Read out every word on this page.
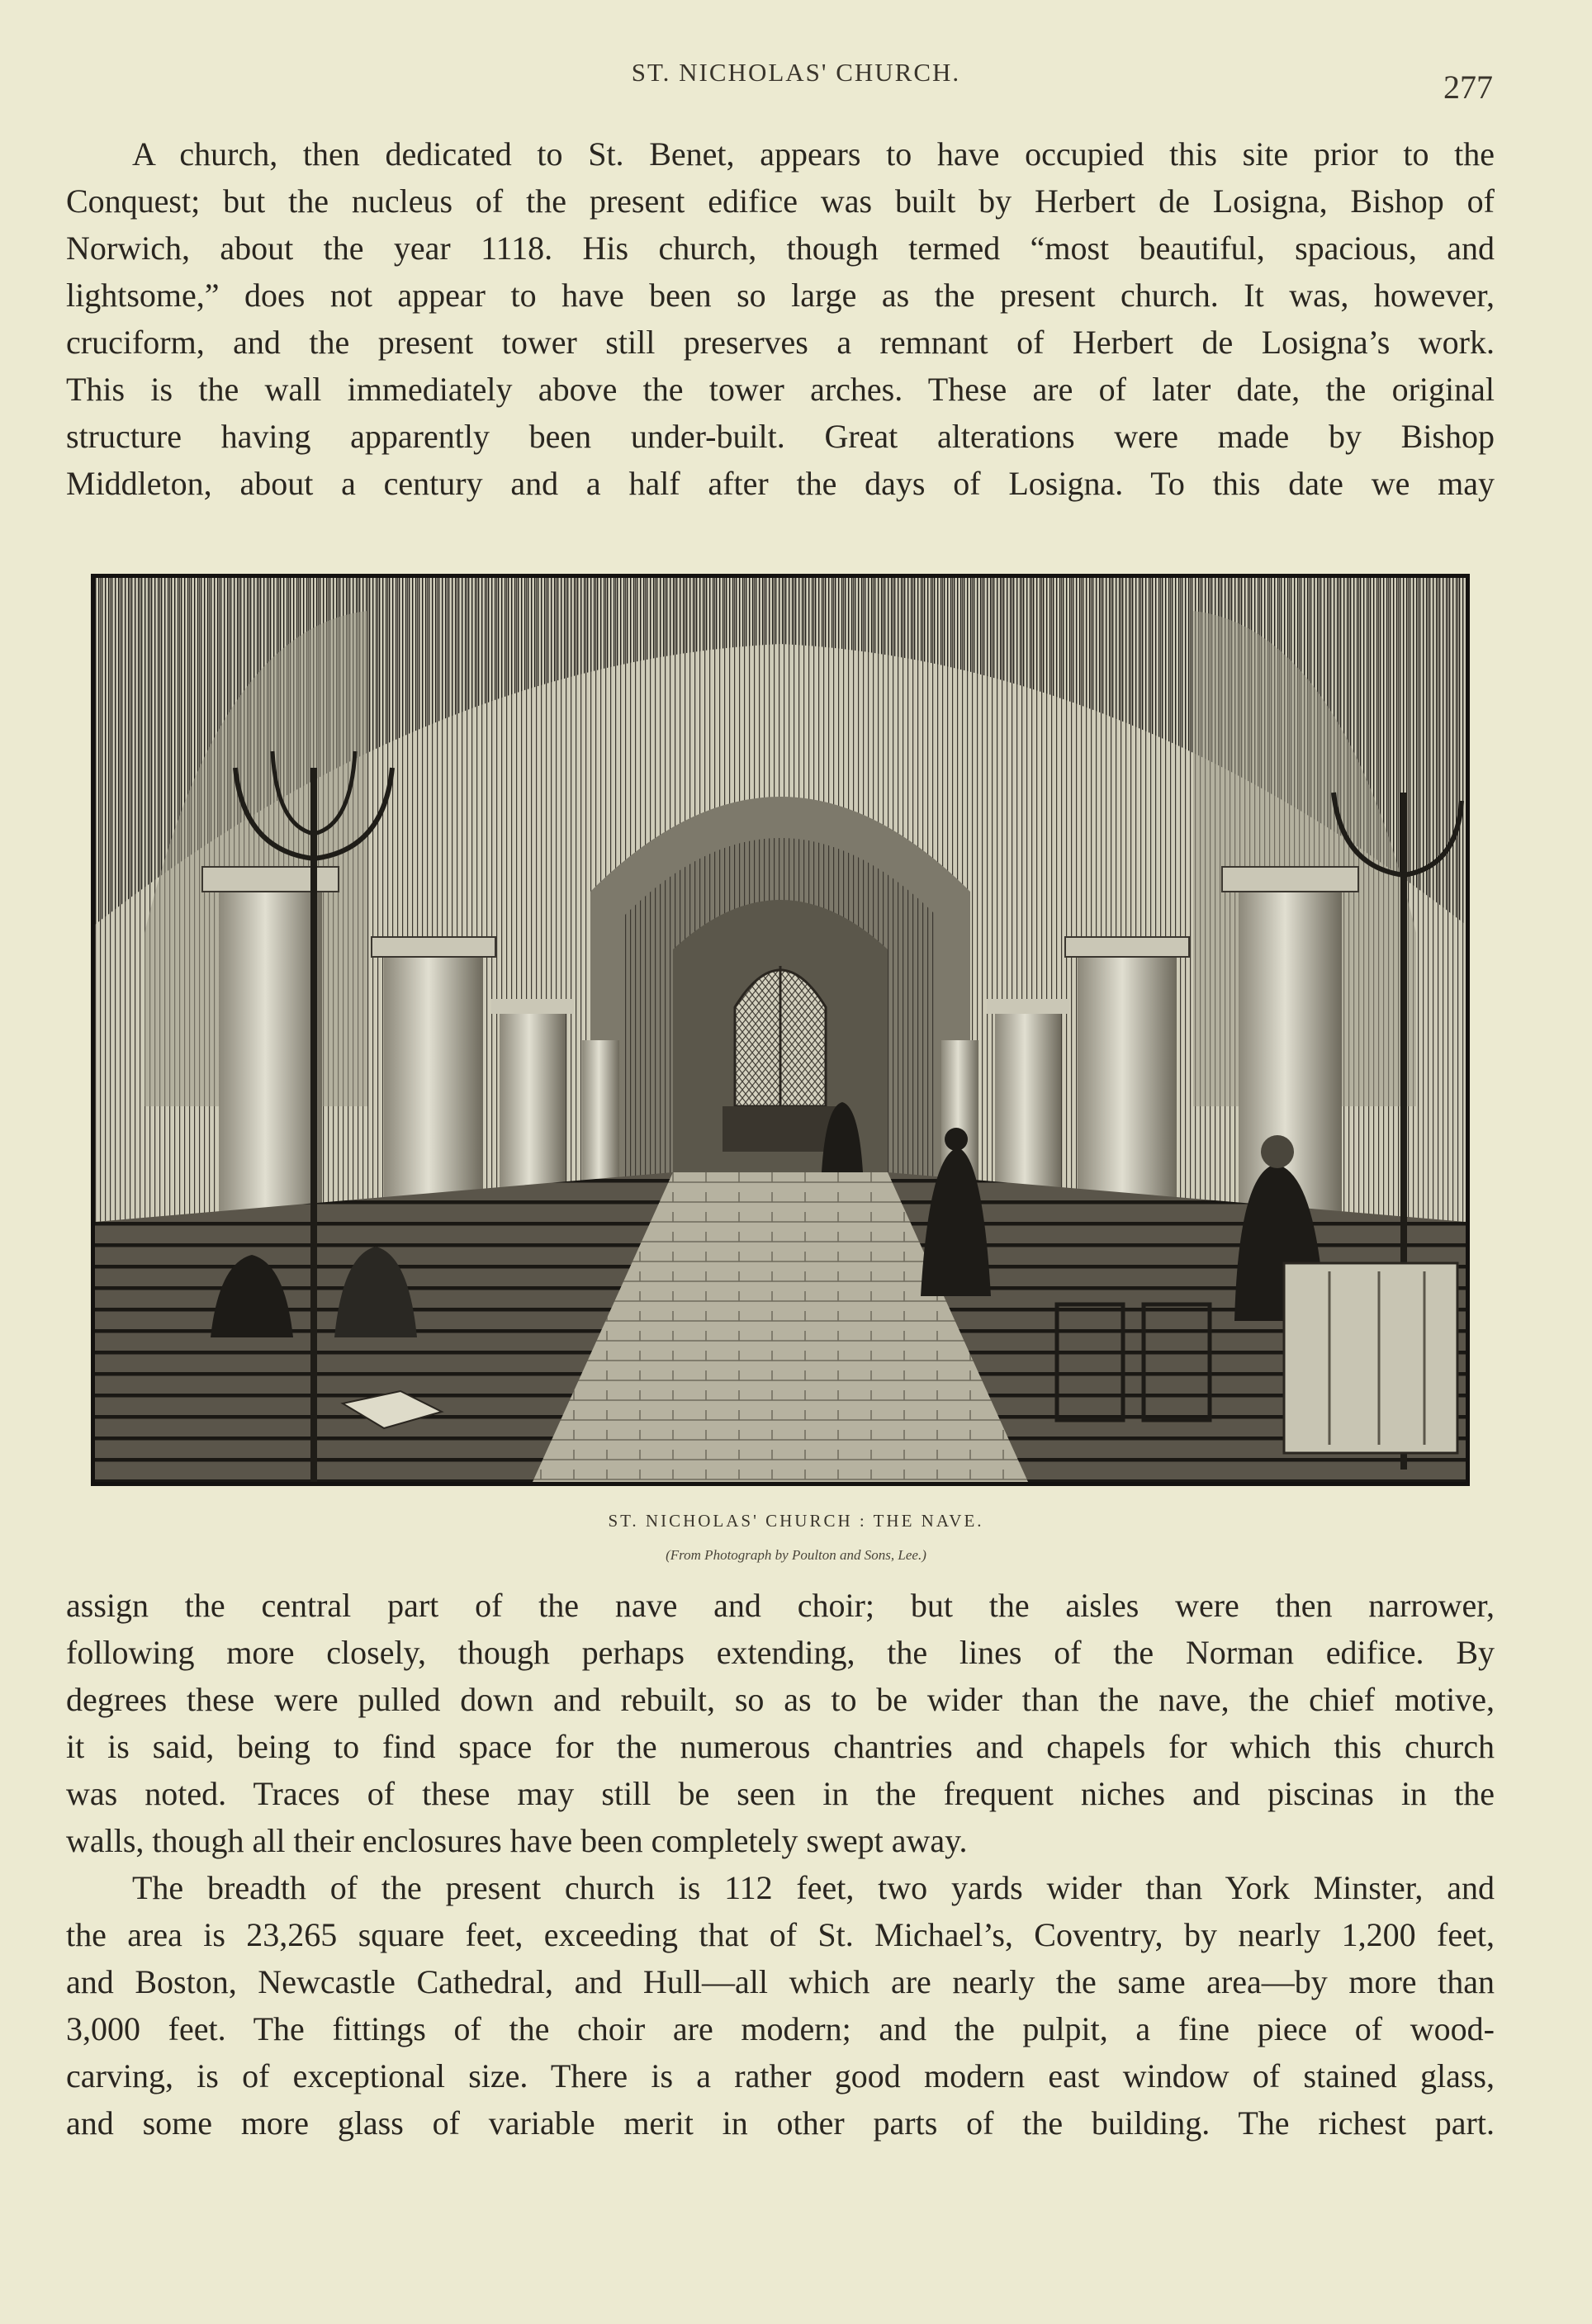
ST. NICHOLAS' CHURCH.	277
A church, then dedicated to St. Benet, appears to have occupied this site prior to the
Conquest; but the nucleus of the present edifice was built by Herbert de Losigna, Bishop of
Norwich, about the year 1118. His church, though termed “most beautiful, spacious, and
lightsome,” does not appear to have been so large as the present church. It was, however,
cruciform, and the present tower still preserves a remnant of Herbert de Losigna’s work.
This is the wall immediately above the tower arches. These are of later date, the original
structure having apparently been under-built. Great alterations were made by Bishop
Middleton, about a century and a half after the days of Losigna. To this date we may
ST. NICHOLAS' CHURCH : THE NAVE.
(From Photograph by Poulton and Sons, Lee.)
assign the central part of the nave and choir; but the aisles were then narrower,
following more closely, though perhaps extending, the lines of the Norman edifice. By
degrees these were pulled down and rebuilt, so as to be wider than the nave, the chief motive,
it is said, being to find space for the numerous chantries and chapels for which this church
was noted. Traces of these may still be seen in the frequent niches and piscinas in the
walls, though all their enclosures have been completely swept away.
The breadth of the present church is 112 feet, two yards wider than York Minster, and
the area is 23,265 square feet, exceeding that of St. Michael’s, Coventry, by nearly 1,200 feet,
and Boston, Newcastle Cathedral, and Hull—all which are nearly the same area—by more than
3,000 feet. The fittings of the choir are modern; and the pulpit, a fine piece of wood-
carving, is of exceptional size. There is a rather good modern east window of stained glass,
and some more glass of variable merit in other parts of the building. The richest part.
